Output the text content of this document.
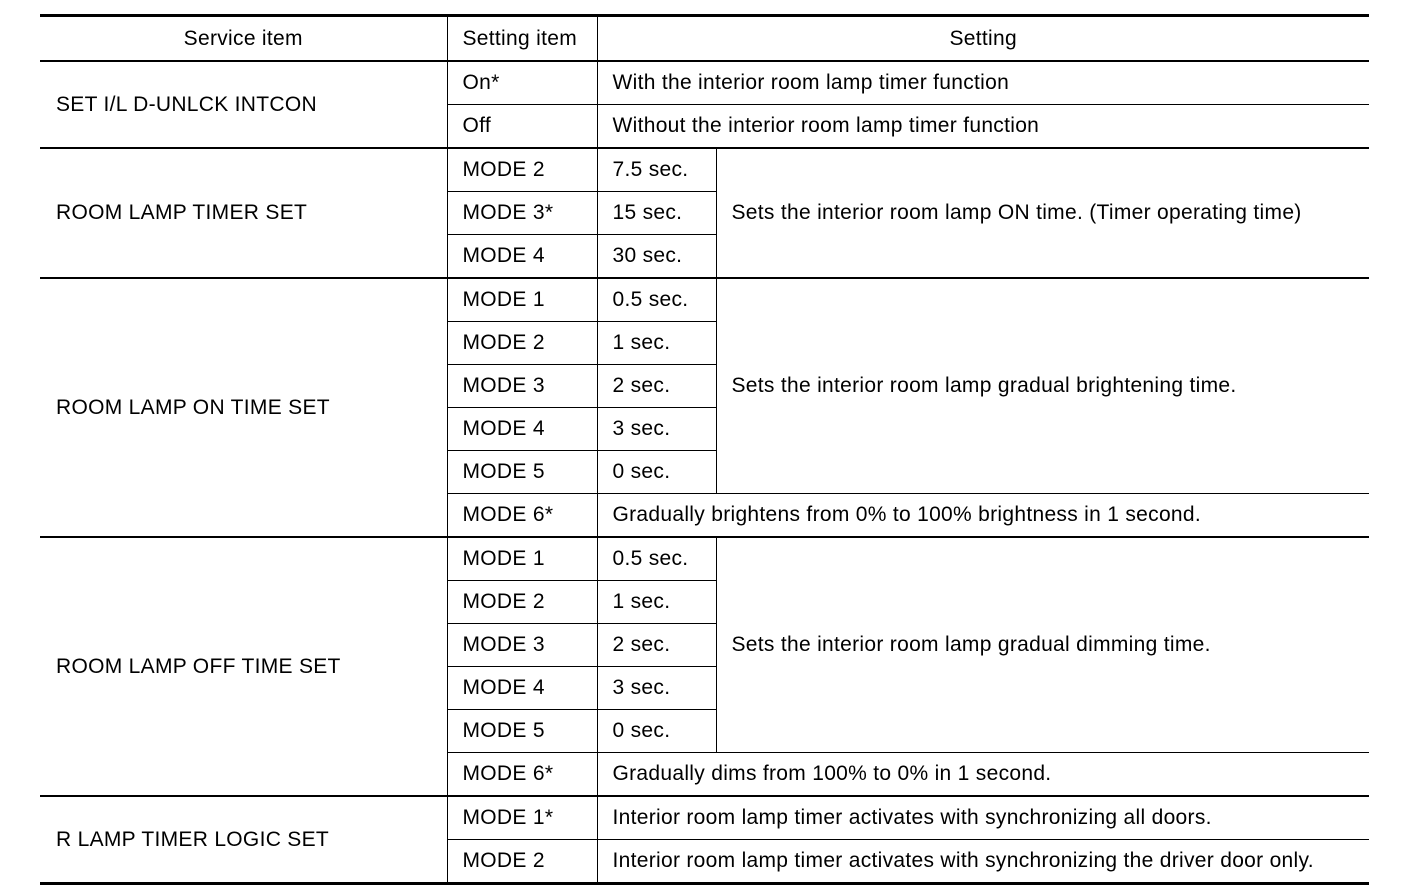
Service item	Setting item	Setting	
SET I/L D-UNLCK INTCON	On*	With the interior room lamp timer function	
	Off	Without the interior room lamp timer function	
ROOM LAMP TIMER SET	MODE 2	7.5 sec.	Sets the interior room lamp ON time. (Timer operating time)
	MODE 3*	15 sec.	
	MODE 4	30 sec.	
ROOM LAMP ON TIME SET	MODE 1	0.5 sec.	Sets the interior room lamp gradual brightening time.
	MODE 2	1 sec.	
	MODE 3	2 sec.	
	MODE 4	3 sec.	
	MODE 5	0 sec.	
	MODE 6*	Gradually brightens from 0% to 100% brightness in 1 second.	
ROOM LAMP OFF TIME SET	MODE 1	0.5 sec.	Sets the interior room lamp gradual dimming time.
	MODE 2	1 sec.	
	MODE 3	2 sec.	
	MODE 4	3 sec.	
	MODE 5	0 sec.	
	MODE 6*	Gradually dims from 100% to 0% in 1 second.	
R LAMP TIMER LOGIC SET	MODE 1*	Interior room lamp timer activates with synchronizing all doors.	
	MODE 2	Interior room lamp timer activates with synchronizing the driver door only.	
